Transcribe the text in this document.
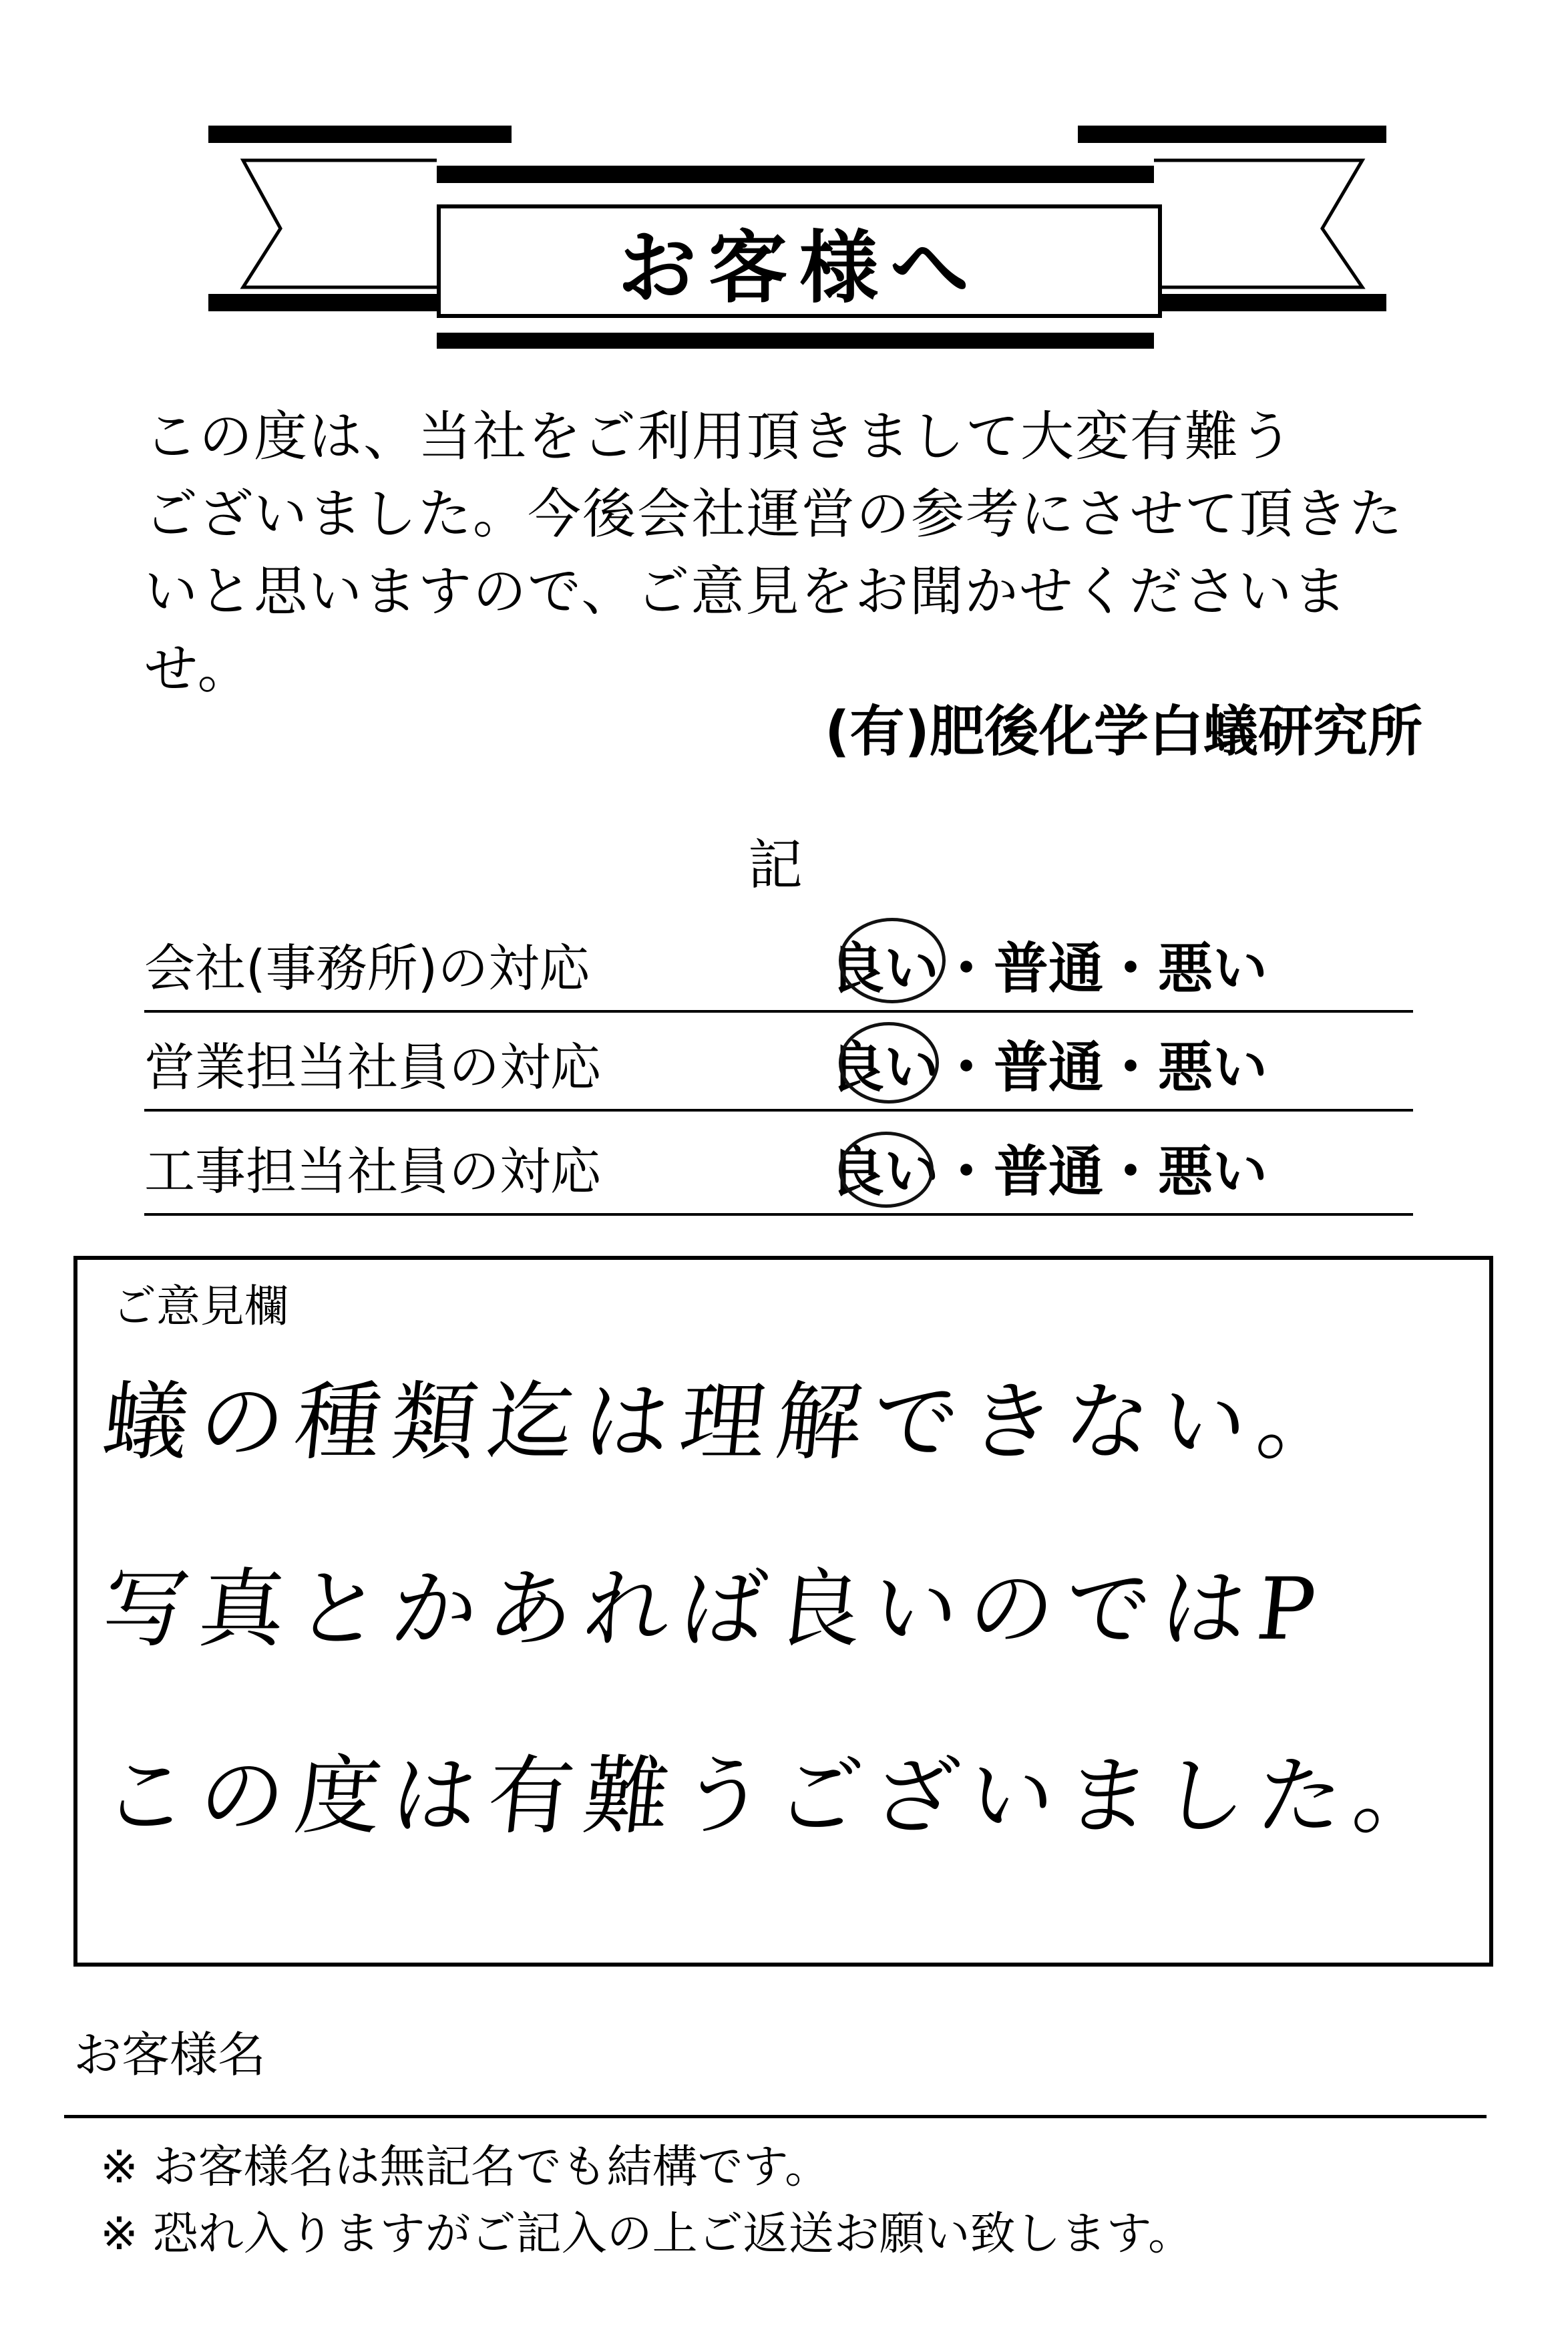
お客様へ
この度は、当社をご利用頂きまして大変有難う
ございました。今後会社運営の参考にさせて頂きた
いと思いますので、ご意見をお聞かせくださいませ。
(有)肥後化学白蟻研究所
記
会社(事務所)の対応	良い・普通・悪い
営業担当社員の対応	良い・普通・悪い
工事担当社員の対応	良い・普通・悪い
ご意見欄
蟻の種類迄は理解できない。
写真とかあれば良いのではP
この度は有難うございました。
お客様名
※ お客様名は無記名でも結構です。
※ 恐れ入りますがご記入の上ご返送お願い致します。
